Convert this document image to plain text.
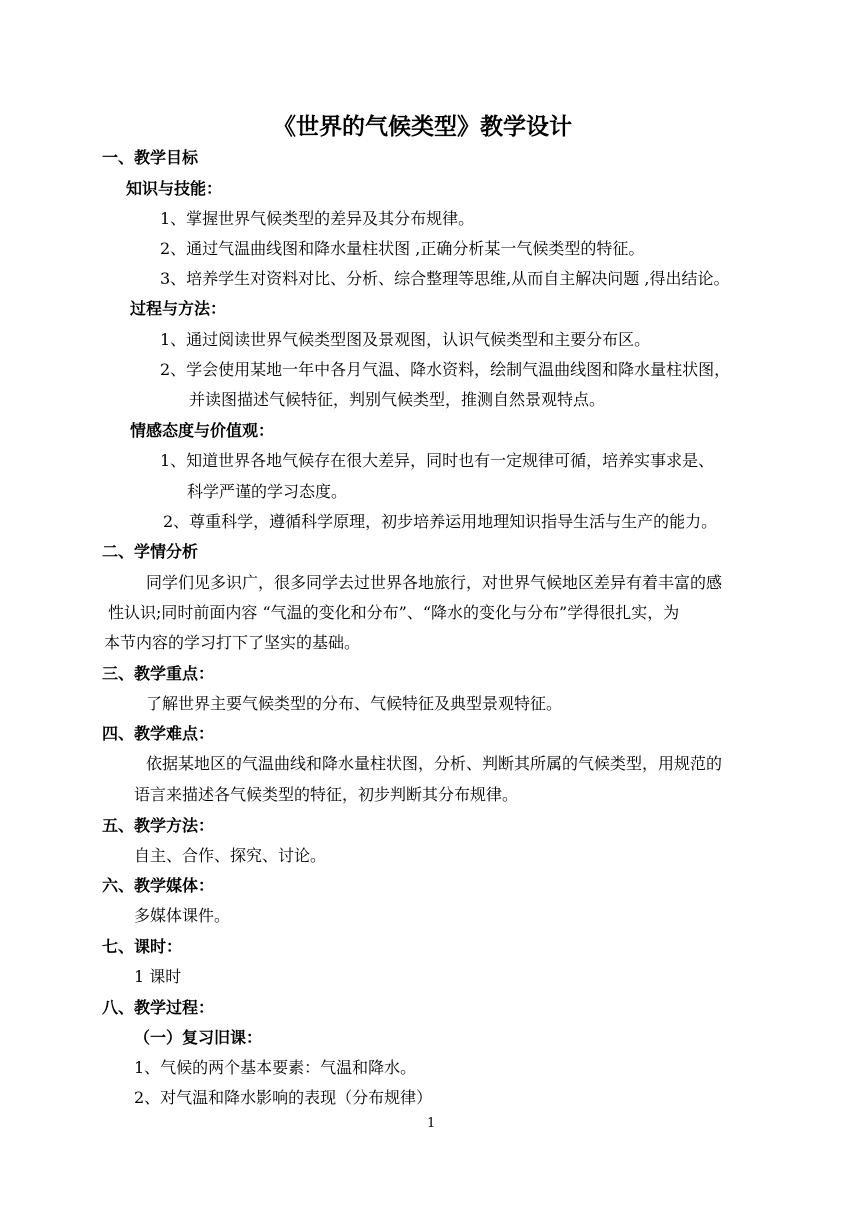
《世界的气候类型》教学设计
一、教学目标
知识与技能：
1、掌握世界气候类型的差异及其分布规律。
2、通过气温曲线图和降水量柱状图 ,正确分析某一气候类型的特征。
3、培养学生对资料对比、分析、综合整理等思维,从而自主解决问题 ,得出结论。
过程与方法：
1、通过阅读世界气候类型图及景观图，认识气候类型和主要分布区。
2、学会使用某地一年中各月气温、降水资料，绘制气温曲线图和降水量柱状图，
并读图描述气候特征，判别气候类型，推测自然景观特点。
情感态度与价值观：
1、知道世界各地气候存在很大差异，同时也有一定规律可循，培养实事求是、
科学严谨的学习态度。
2、尊重科学，遵循科学原理，初步培养运用地理知识指导生活与生产的能力。
二、学情分析
同学们见多识广，很多同学去过世界各地旅行，对世界气候地区差异有着丰富的感
性认识;同时前面内容 “气温的变化和分布”、“降水的变化与分布”学得很扎实，为
本节内容的学习打下了坚实的基础。
三、教学重点：
了解世界主要气候类型的分布、气候特征及典型景观特征。
四、教学难点：
依据某地区的气温曲线和降水量柱状图，分析、判断其所属的气候类型，用规范的
语言来描述各气候类型的特征，初步判断其分布规律。
五、教学方法：
自主、合作、探究、讨论。
六、教学媒体：
多媒体课件。
七、课时：
1 课时
八、教学过程：
（一）复习旧课：
1、气候的两个基本要素：气温和降水。
2、对气温和降水影响的表现（分布规律）
1
